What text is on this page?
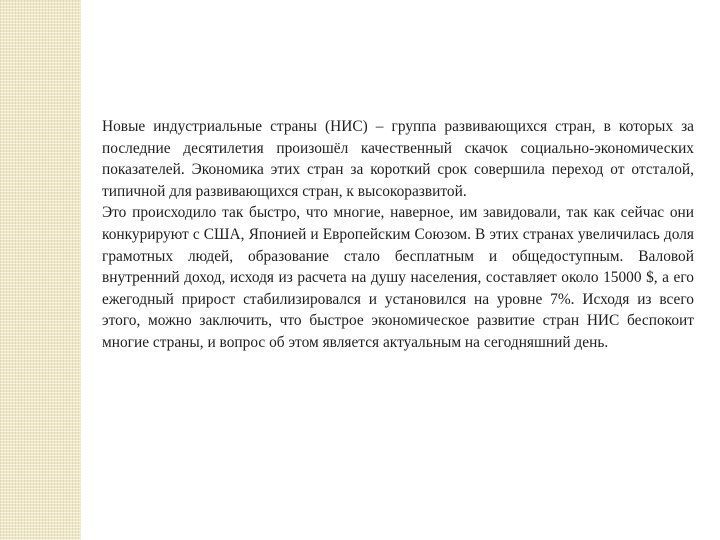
Новые индустриальные страны (НИС) – группа развивающихся стран, в которых за последние десятилетия произошёл качественный скачок социально-экономических показателей. Экономика этих стран за короткий срок совершила переход от отсталой, типичной для развивающихся стран, к высокоразвитой.

Это происходило так быстро, что многие, наверное, им завидовали, так как сейчас они конкурируют с США, Японией и Европейским Союзом. В этих странах увеличилась доля грамотных людей, образование стало бесплатным и общедоступным. Валовой внутренний доход, исходя из расчета на душу населения, составляет около 15000 $, а его ежегодный прирост стабилизировался и установился на уровне 7%. Исходя из всего этого, можно заключить, что быстрое экономическое развитие стран НИС беспокоит многие страны, и вопрос об этом является актуальным на сегодняшний день.
